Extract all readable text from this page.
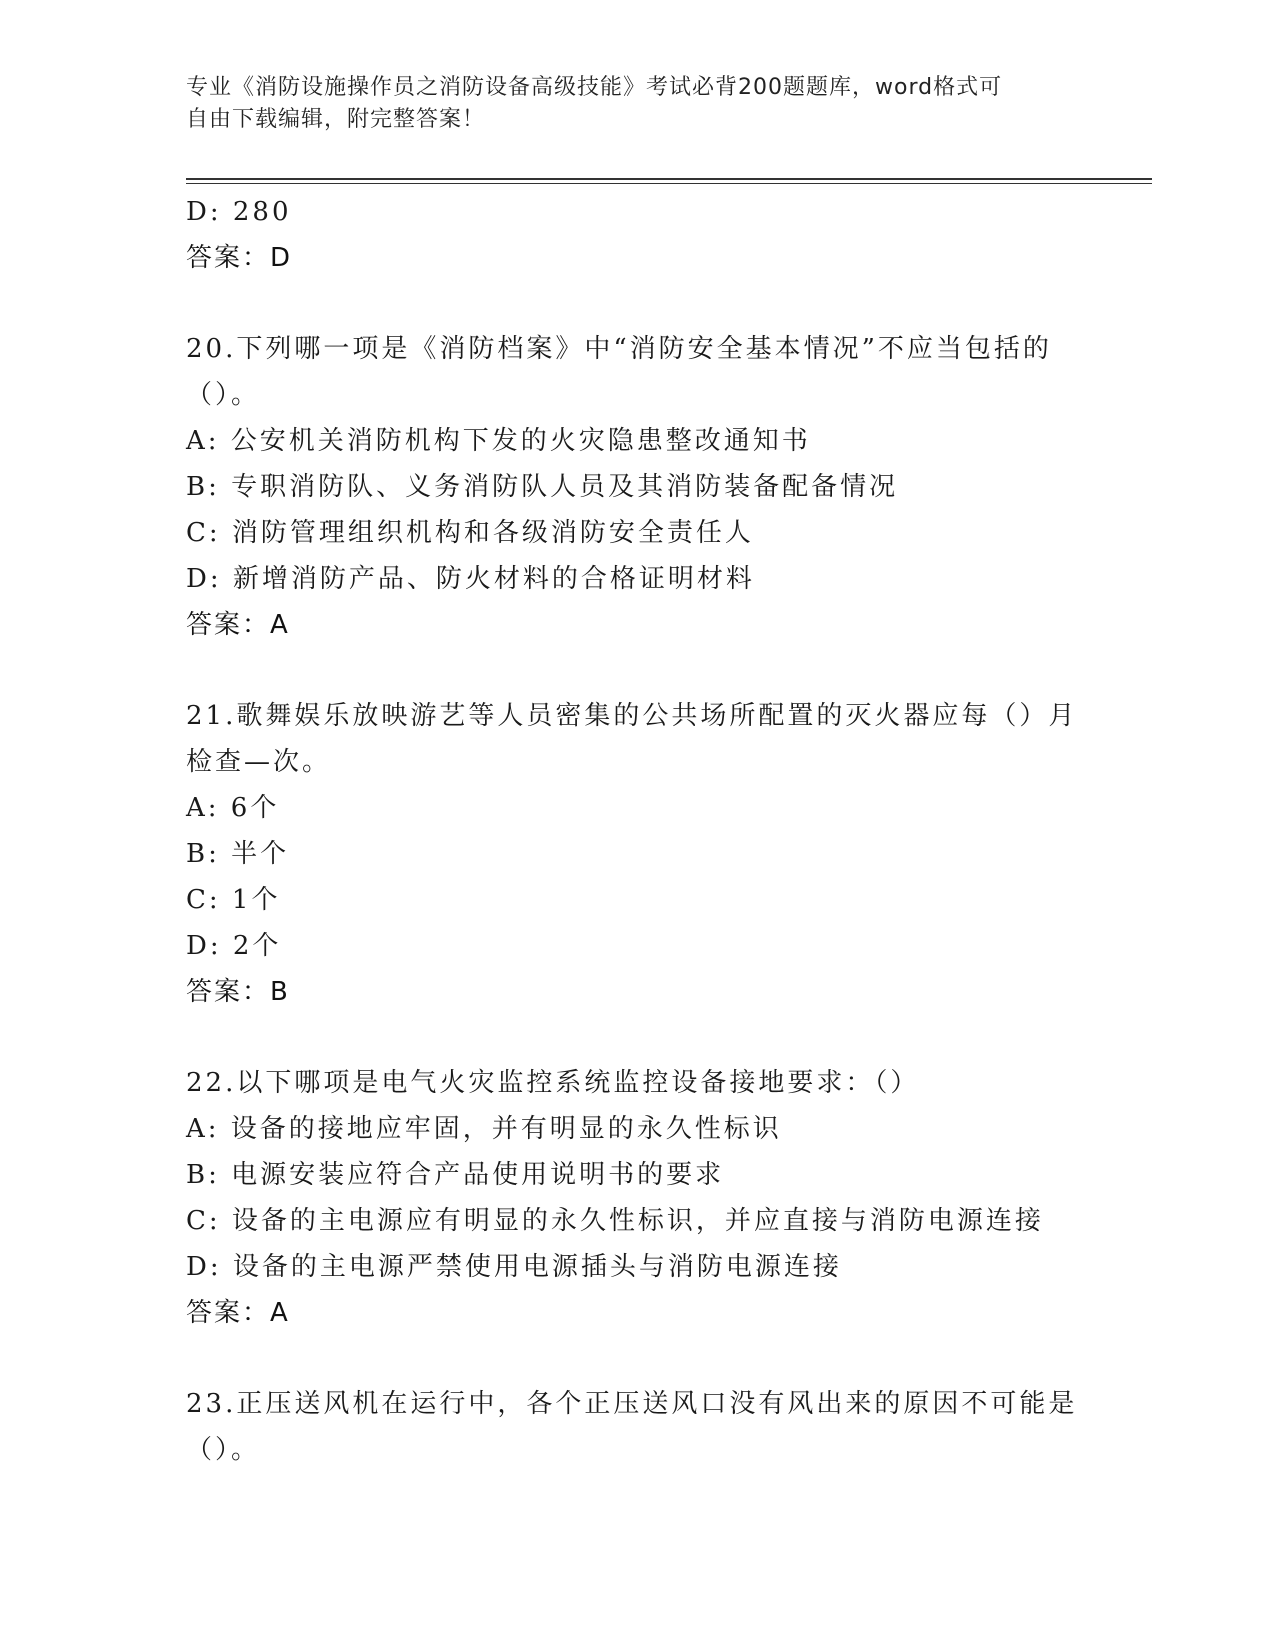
专业《消防设施操作员之消防设备高级技能》考试必背200题题库，word格式可
自由下载编辑，附完整答案！
D: 280
答案：D
20.下列哪一项是《消防档案》中“消防安全基本情况”不应当包括的
（）。
A: 公安机关消防机构下发的火灾隐患整改通知书
B: 专职消防队、义务消防队人员及其消防装备配备情况
C: 消防管理组织机构和各级消防安全责任人
D: 新增消防产品、防火材料的合格证明材料
答案：A
21.歌舞娱乐放映游艺等人员密集的公共场所配置的灭火器应每（）月
检查—次。
A: 6个
B: 半个
C: 1个
D: 2个
答案：B
22.以下哪项是电气火灾监控系统监控设备接地要求：（）
A: 设备的接地应牢固，并有明显的永久性标识
B: 电源安装应符合产品使用说明书的要求
C: 设备的主电源应有明显的永久性标识，并应直接与消防电源连接
D: 设备的主电源严禁使用电源插头与消防电源连接
答案：A
23.正压送风机在运行中，各个正压送风口没有风出来的原因不可能是
（）。
